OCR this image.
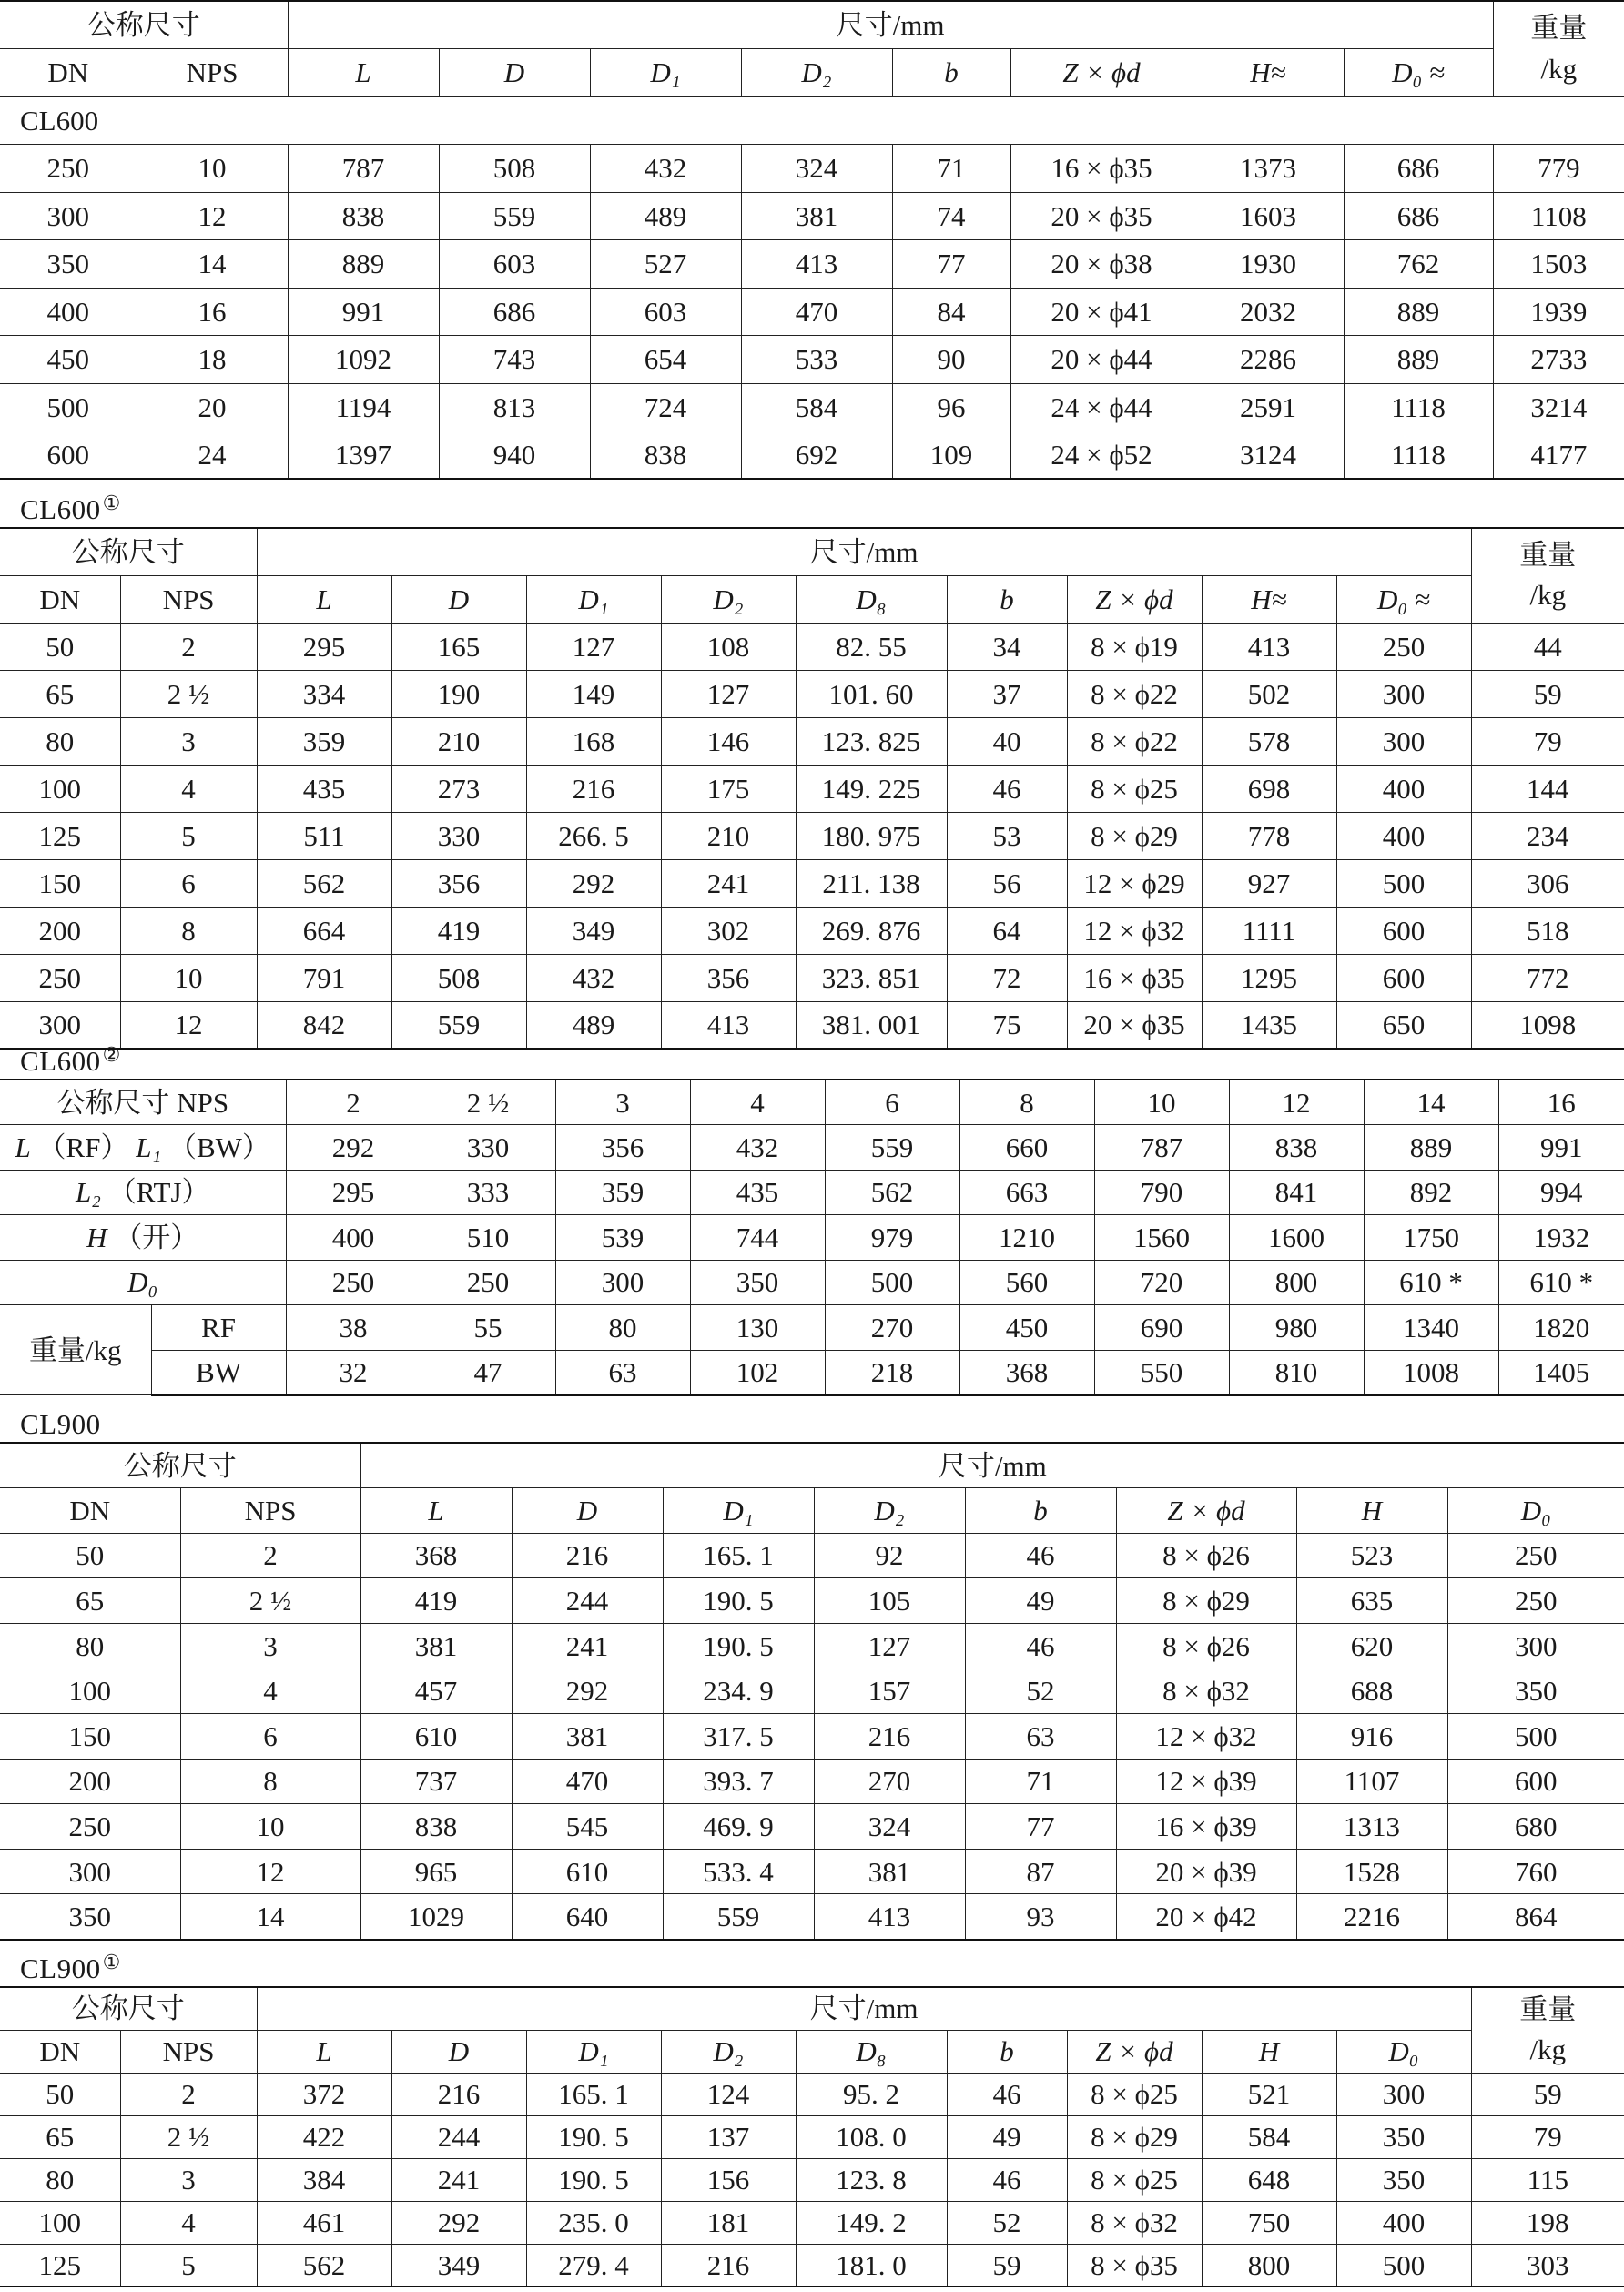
公称尺寸		尺寸/mm								重量
/kg

DN	NPS	L	D	D₁	D₂	b	Z × ϕd	H≈	D₀ ≈	
CL600										
250	10	787	508	432	324	71	16 × ϕ35	1373	686	779
300	12	838	559	489	381	74	20 × ϕ35	1603	686	1108
350	14	889	603	527	413	77	20 × ϕ38	1930	762	1503
400	16	991	686	603	470	84	20 × ϕ41	2032	889	1939
450	18	1092	743	654	533	90	20 × ϕ44	2286	889	2733
500	20	1194	813	724	584	96	24 × ϕ44	2591	1118	3214
600	24	1397	940	838	692	109	24 × ϕ52	3124	1118	4177
CL600①
公称尺寸		尺寸/mm									重量
/kg

DN	NPS	L	D	D₁	D₂	D₈	b	Z × ϕd	H≈	D₀ ≈	
50	2	295	165	127	108	82. 55	34	8 × ϕ19	413	250	44
65	2 ½	334	190	149	127	101. 60	37	8 × ϕ22	502	300	59
80	3	359	210	168	146	123. 825	40	8 × ϕ22	578	300	79
100	4	435	273	216	175	149. 225	46	8 × ϕ25	698	400	144
125	5	511	330	266. 5	210	180. 975	53	8 × ϕ29	778	400	234
150	6	562	356	292	241	211. 138	56	12 × ϕ29	927	500	306
200	8	664	419	349	302	269. 876	64	12 × ϕ32	1111	600	518
250	10	791	508	432	356	323. 851	72	16 × ϕ35	1295	600	772
300	12	842	559	489	413	381. 001	75	20 × ϕ35	1435	650	1098
CL600②
公称尺寸 NPS		2	2 ½	3	4	6	8	10	12	14	16
L （RF） L₁ （BW）		292	330	356	432	559	660	787	838	889	991
L₂ （RTJ）		295	333	359	435	562	663	790	841	892	994
H （开）		400	510	539	744	979	1210	1560	1600	1750	1932
D₀		250	250	300	350	500	560	720	800	610 *	610 *
重量/kg	RF	38	55	80	130	270	450	690	980	1340	1820
	BW	32	47	63	102	218	368	550	810	1008	1405
CL900
公称尺寸		尺寸/mm							
DN	NPS	L	D	D₁	D₂	b	Z × ϕd	H	D₀
50	2	368	216	165. 1	92	46	8 × ϕ26	523	250
65	2 ½	419	244	190. 5	105	49	8 × ϕ29	635	250
80	3	381	241	190. 5	127	46	8 × ϕ26	620	300
100	4	457	292	234. 9	157	52	8 × ϕ32	688	350
150	6	610	381	317. 5	216	63	12 × ϕ32	916	500
200	8	737	470	393. 7	270	71	12 × ϕ39	1107	600
250	10	838	545	469. 9	324	77	16 × ϕ39	1313	680
300	12	965	610	533. 4	381	87	20 × ϕ39	1528	760
350	14	1029	640	559	413	93	20 × ϕ42	2216	864
CL900①
公称尺寸		尺寸/mm									重量
/kg

DN	NPS	L	D	D₁	D₂	D₈	b	Z × ϕd	H	D₀	
50	2	372	216	165. 1	124	95. 2	46	8 × ϕ25	521	300	59
65	2 ½	422	244	190. 5	137	108. 0	49	8 × ϕ29	584	350	79
80	3	384	241	190. 5	156	123. 8	46	8 × ϕ25	648	350	115
100	4	461	292	235. 0	181	149. 2	52	8 × ϕ32	750	400	198
125	5	562	349	279. 4	216	181. 0	59	8 × ϕ35	800	500	303
